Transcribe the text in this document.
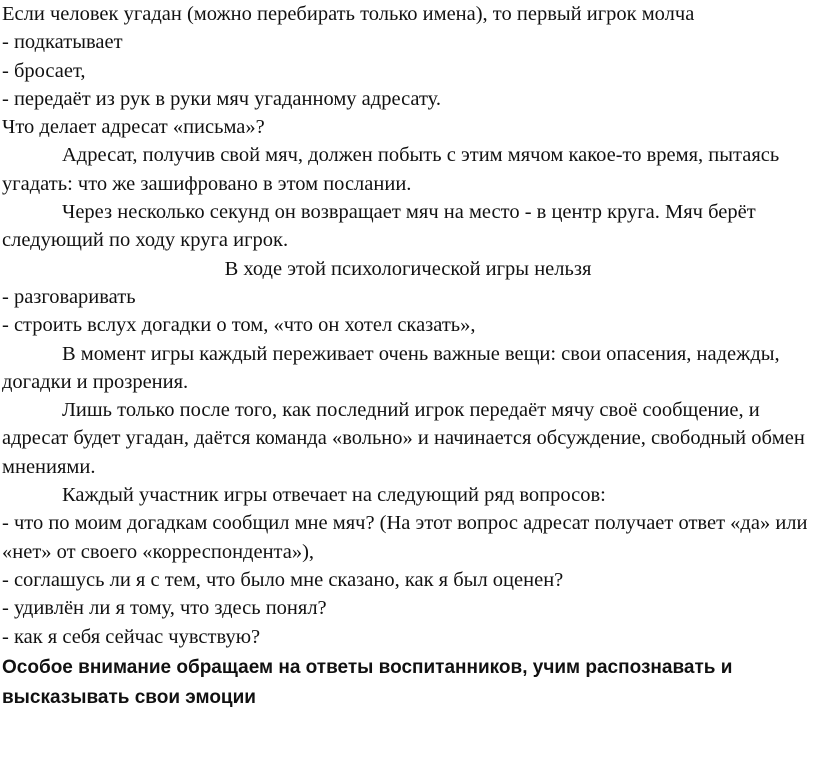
Если человек угадан (можно перебирать только имена), то первый игрок молча

- подкатывает

- бросает,

- передаёт из рук в руки мяч угаданному адресату.

Что делает адресат «письма»?

Адресат, получив свой мяч, должен побыть с этим мячом какое-то время, пытаясь угадать: что же зашифровано в этом послании.

Через несколько секунд он возвращает мяч на место - в центр круга. Мяч берёт следующий по ходу круга игрок.

В ходе этой психологической игры нельзя

- разговаривать

- строить вслух догадки о том, «что он хотел сказать»,

В момент игры каждый переживает очень важные вещи: свои опасения, надежды, догадки и прозрения.

Лишь только после того, как последний игрок передаёт мячу своё сообщение, и адресат будет угадан, даётся команда «вольно» и начинается обсуждение, свободный обмен мнениями.

Каждый участник игры отвечает на следующий ряд вопросов:

- что по моим догадкам сообщил мне мяч? (На этот вопрос адресат получает ответ «да» или «нет» от своего «корреспондента»),

- соглашусь ли я с тем, что было мне сказано, как я был оценен?

- удивлён ли я тому, что здесь понял?

- как я себя сейчас чувствую?

Особое внимание обращаем на ответы воспитанников, учим распознавать и высказывать свои эмоции
